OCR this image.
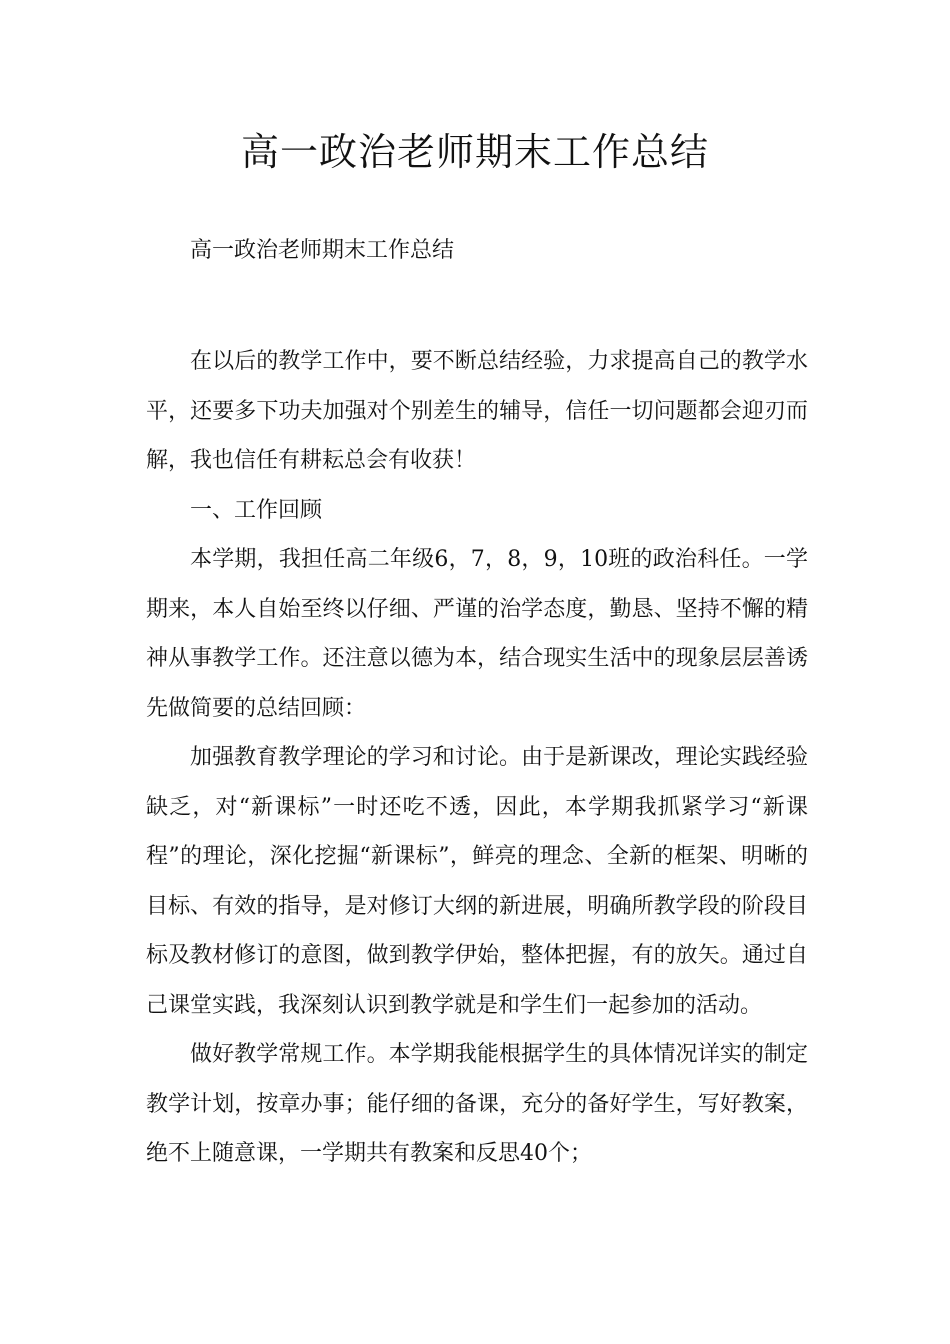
高一政治老师期末工作总结
高一政治老师期末工作总结

在以后的教学工作中，要不断总结经验，力求提高自己的教学水平，还要多下功夫加强对个别差生的辅导，信任一切问题都会迎刃而解，我也信任有耕耘总会有收获！

一、工作回顾

本学期，我担任高二年级6，7，8，9，10班的政治科任。一学期来，本人自始至终以仔细、严谨的治学态度，勤恳、坚持不懈的精神从事教学工作。还注意以德为本，结合现实生活中的现象层层善诱先做简要的总结回顾：

加强教育教学理论的学习和讨论。由于是新课改，理论实践经验缺乏，对“新课标”一时还吃不透，因此，本学期我抓紧学习“新课程”的理论，深化挖掘“新课标”，鲜亮的理念、全新的框架、明晰的目标、有效的指导，是对修订大纲的新进展，明确所教学段的阶段目标及教材修订的意图，做到教学伊始，整体把握，有的放矢。通过自己课堂实践，我深刻认识到教学就是和学生们一起参加的活动。

做好教学常规工作。本学期我能根据学生的具体情况详实的制定教学计划，按章办事；能仔细的备课，充分的备好学生，写好教案，绝不上随意课，一学期共有教案和反思40个；
